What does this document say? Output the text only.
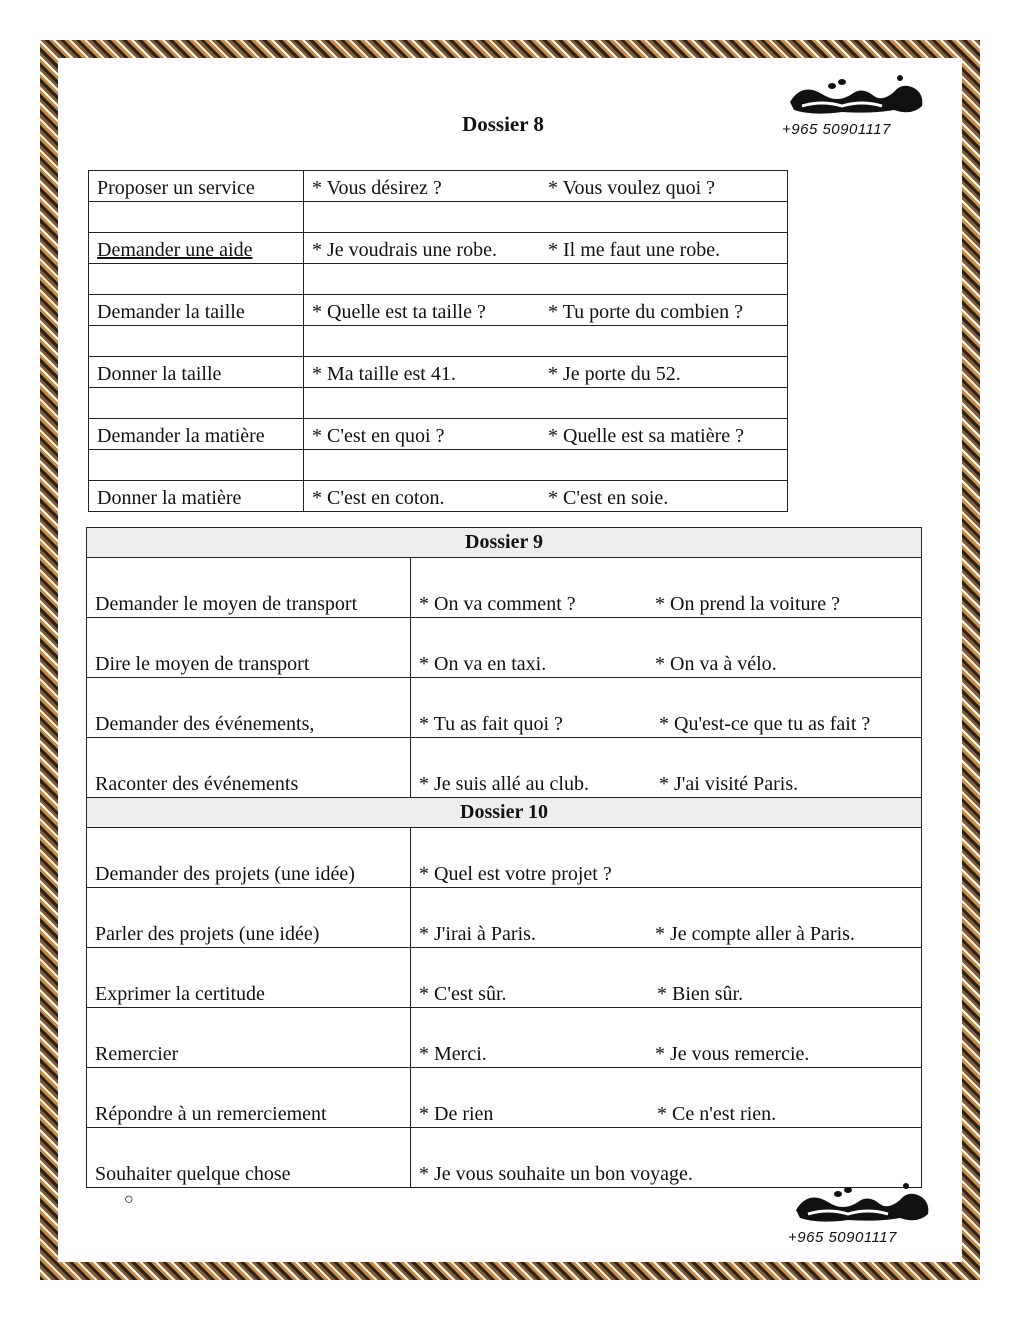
Dossier 8	+965 50901117
Proposer un service	* Vous désirez ? * Vous voulez quoi ?

Demander une aide	* Je voudrais une robe. * Il me faut une robe.

Demander la taille	* Quelle est ta taille ? * Tu porte du combien ?

Donner la taille	* Ma taille est 41. * Je porte du 52.

Demander la matière	* C'est en quoi ? * Quelle est sa matière ?

Donner la matière	* C'est en coton. * C'est en soie.
Dossier 9	
Demander le moyen de transport	* On va comment ? * On prend la voiture ?
Dire le moyen de transport	* On va en taxi. * On va à vélo.
Demander des événements,	* Tu as fait quoi ? * Qu'est-ce que tu as fait ?
Raconter des événements	* Je suis allé au club. * J'ai visité Paris.
Dossier 10	
Demander des projets (une idée)	* Quel est votre projet ?
Parler des projets (une idée)	* J'irai à Paris. * Je compte aller à Paris.
Exprimer la certitude	* C'est sûr. * Bien sûr.
Remercier	* Merci. * Je vous remercie.
Répondre à un remerciement	* De rien * Ce n'est rien.
Souhaiter quelque chose	* Je vous souhaite un bon voyage.
○
+965 50901117
